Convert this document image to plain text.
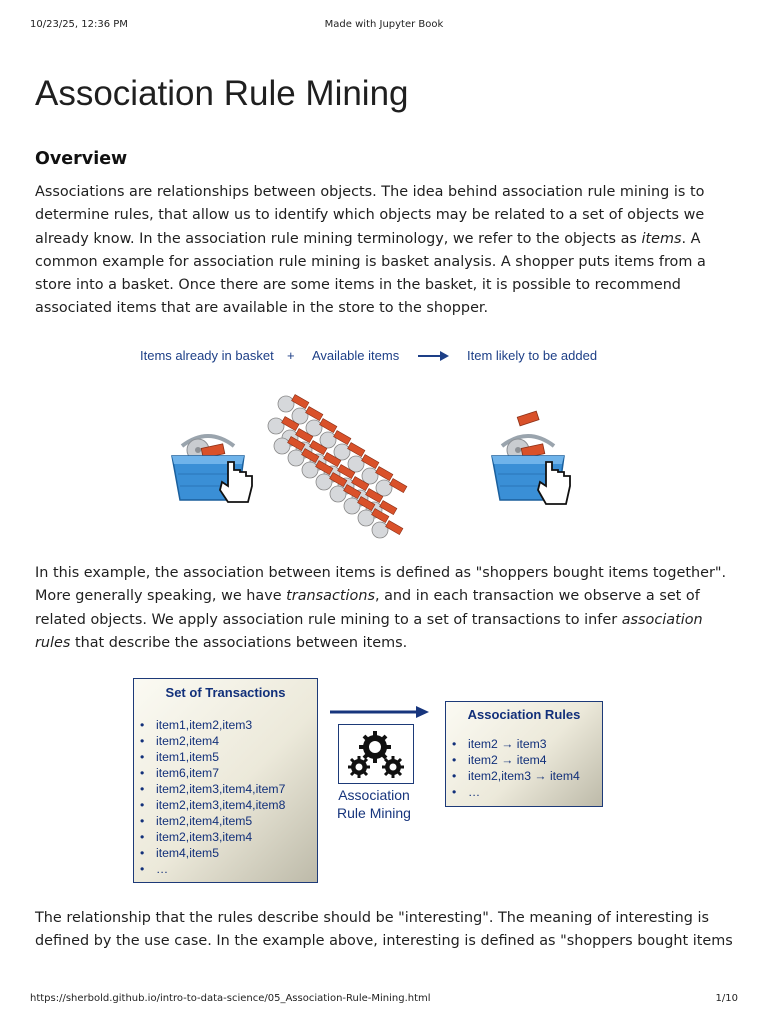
10/23/25, 12:36 PM	Made with Jupyter Book
Association Rule Mining
Overview

Associations are relationships between objects. The idea behind association rule mining is to determine rules, that allow us to identify which objects may be related to a set of objects we already know. In the association rule mining terminology, we refer to the objects as items. A common example for association rule mining is basket analysis. A shopper puts items from a store into a basket. Once there are some items in the basket, it is possible to recommend associated items that are available in the store to the shopper.

Items already in basket + Available items	Item likely to be added

In this example, the association between items is defined as "shoppers bought items together". More generally speaking, we have transactions, and in each transaction we observe a set of related objects. We apply association rule mining to a set of transactions to infer association rules that describe the associations between items.

Set of Transactions
• item1,item2,item3
• item2,item4
• item1,item5
• item6,item7
• item2,item3,item4,item7
• item2,item3,item4,item8
• item2,item4,item5
• item2,item3,item4
• item4,item5
• …
Association
Rule Mining
Association Rules
• item2 → item3
• item2 → item4
• item2,item3 → item4
• …

The relationship that the rules describe should be "interesting". The meaning of interesting is defined by the use case. In the example above, interesting is defined as "shoppers bought items

https://sherbold.github.io/intro-to-data-science/05_Association-Rule-Mining.html	1/10
